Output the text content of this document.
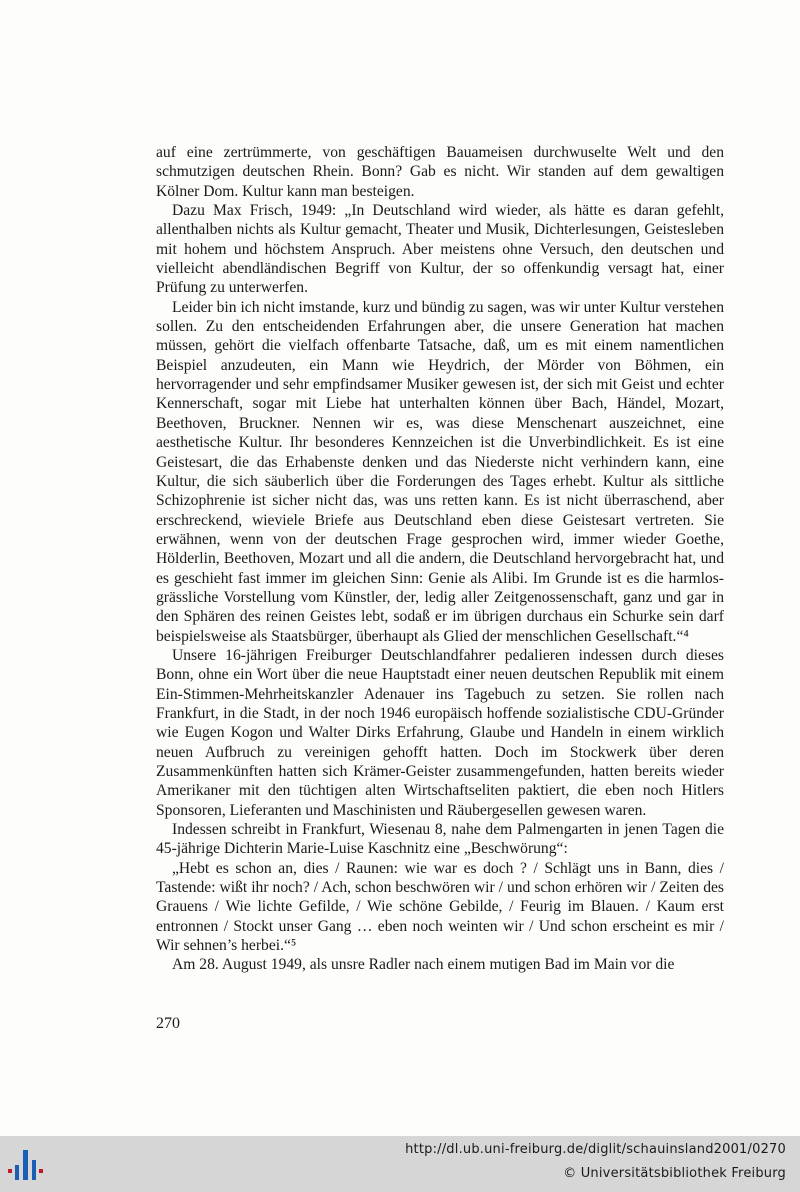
auf eine zertrümmerte, von geschäftigen Bauameisen durchwuselte Welt und den schmutzigen deutschen Rhein. Bonn? Gab es nicht. Wir standen auf dem gewaltigen Kölner Dom. Kultur kann man besteigen.

Dazu Max Frisch, 1949: „In Deutschland wird wieder, als hätte es daran gefehlt, allenthalben nichts als Kultur gemacht, Theater und Musik, Dichterlesungen, Geistesleben mit hohem und höchstem Anspruch. Aber meistens ohne Versuch, den deutschen und vielleicht abendländischen Begriff von Kultur, der so offenkundig versagt hat, einer Prüfung zu unterwerfen.

Leider bin ich nicht imstande, kurz und bündig zu sagen, was wir unter Kultur verstehen sollen. Zu den entscheidenden Erfahrungen aber, die unsere Generation hat machen müssen, gehört die vielfach offenbarte Tatsache, daß, um es mit einem namentlichen Beispiel anzudeuten, ein Mann wie Heydrich, der Mörder von Böhmen, ein hervorragender und sehr empfindsamer Musiker gewesen ist, der sich mit Geist und echter Kennerschaft, sogar mit Liebe hat unterhalten können über Bach, Händel, Mozart, Beethoven, Bruckner. Nennen wir es, was diese Menschenart auszeichnet, eine aesthetische Kultur. Ihr besonderes Kennzeichen ist die Unverbindlichkeit. Es ist eine Geistesart, die das Erhabenste denken und das Niederste nicht verhindern kann, eine Kultur, die sich säuberlich über die Forderungen des Tages erhebt. Kultur als sittliche Schizophrenie ist sicher nicht das, was uns retten kann. Es ist nicht überraschend, aber erschreckend, wieviele Briefe aus Deutschland eben diese Geistesart vertreten. Sie erwähnen, wenn von der deutschen Frage gesprochen wird, immer wieder Goethe, Hölderlin, Beethoven, Mozart und all die andern, die Deutschland hervorgebracht hat, und es geschieht fast immer im gleichen Sinn: Genie als Alibi. Im Grunde ist es die harmlos-grässliche Vorstellung vom Künstler, der, ledig aller Zeitgenossenschaft, ganz und gar in den Sphären des reinen Geistes lebt, sodaß er im übrigen durchaus ein Schurke sein darf beispielsweise als Staatsbürger, überhaupt als Glied der menschlichen Gesellschaft.“⁴

Unsere 16-jährigen Freiburger Deutschlandfahrer pedalieren indessen durch dieses Bonn, ohne ein Wort über die neue Hauptstadt einer neuen deutschen Republik mit einem Ein-Stimmen-Mehrheitskanzler Adenauer ins Tagebuch zu setzen. Sie rollen nach Frankfurt, in die Stadt, in der noch 1946 europäisch hoffende sozialistische CDU-Gründer wie Eugen Kogon und Walter Dirks Erfahrung, Glaube und Handeln in einem wirklich neuen Aufbruch zu vereinigen gehofft hatten. Doch im Stockwerk über deren Zusammenkünften hatten sich Krämer-Geister zusammengefunden, hatten bereits wieder Amerikaner mit den tüchtigen alten Wirtschaftseliten paktiert, die eben noch Hitlers Sponsoren, Lieferanten und Maschinisten und Räubergesellen gewesen waren.

Indessen schreibt in Frankfurt, Wiesenau 8, nahe dem Palmengarten in jenen Tagen die 45-jährige Dichterin Marie-Luise Kaschnitz eine „Beschwörung“:

„Hebt es schon an, dies / Raunen: wie war es doch ? / Schlägt uns in Bann, dies / Tastende: wißt ihr noch? / Ach, schon beschwören wir / und schon erhören wir / Zeiten des Grauens / Wie lichte Gefilde, / Wie schöne Gebilde, / Feurig im Blauen. / Kaum erst entronnen / Stockt unser Gang … eben noch weinten wir / Und schon erscheint es mir / Wir sehnen’s herbei.“⁵

Am 28. August 1949, als unsre Radler nach einem mutigen Bad im Main vor die

270
http://dl.ub.uni-freiburg.de/diglit/schauinsland2001/0270
© Universitätsbibliothek Freiburg
